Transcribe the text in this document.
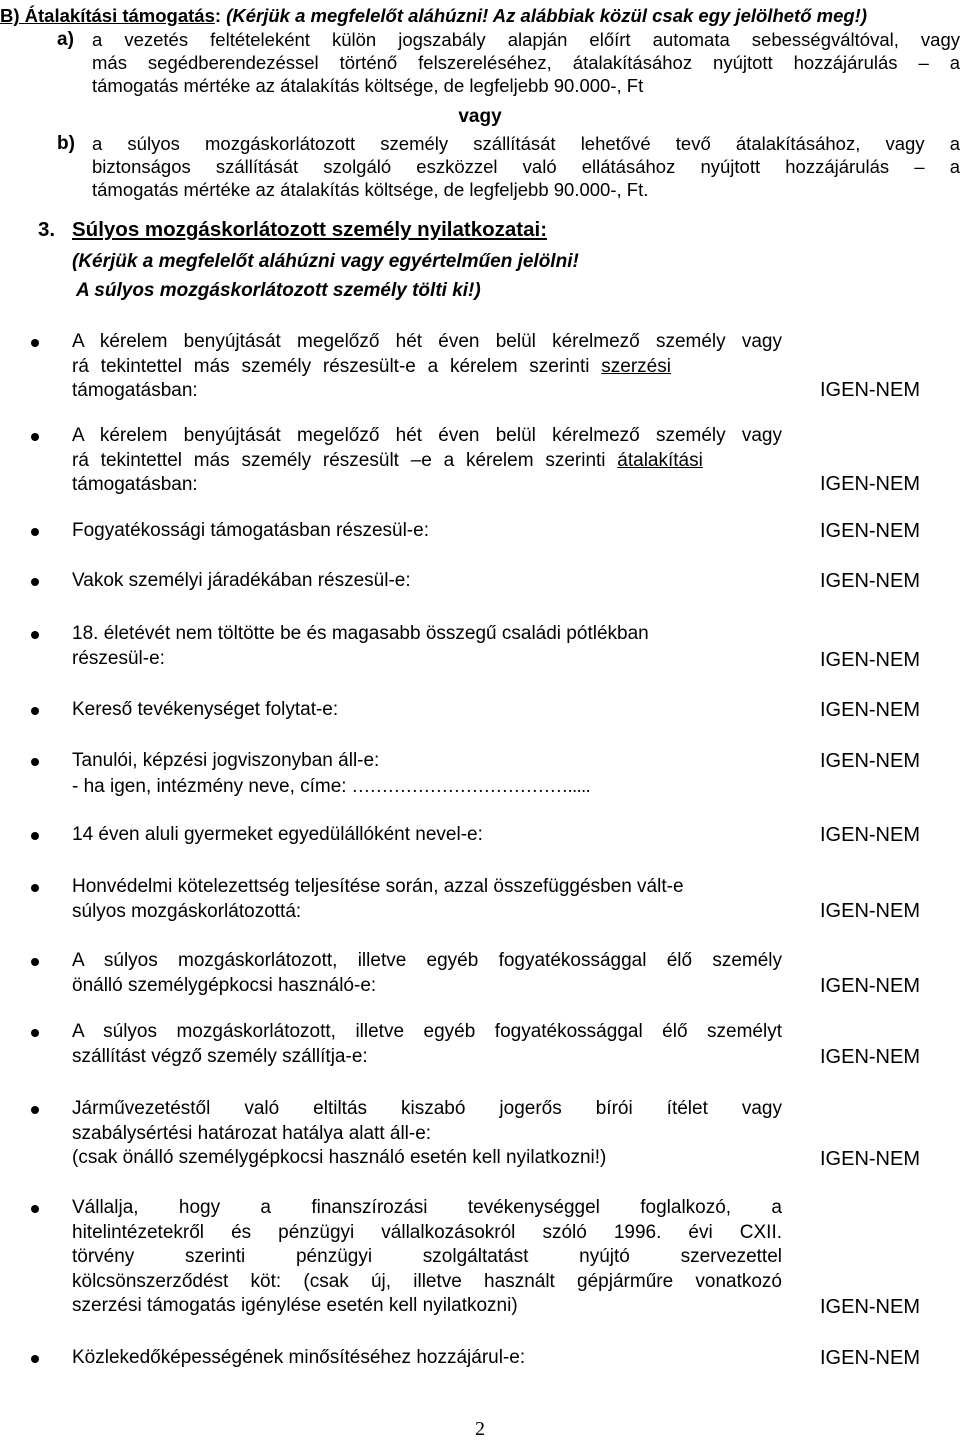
B) Átalakítási támogatás: (Kérjük a megfelelőt aláhúzni! Az alábbiak közül csak egy jelölhető meg!)
a) a vezetés feltételeként külön jogszabály alapján előírt automata sebességváltóval, vagy
más segédberendezéssel történő felszereléséhez, átalakításához nyújtott hozzájárulás – a
támogatás mértéke az átalakítás költsége, de legfeljebb 90.000-, Ft
vagy
b) a súlyos mozgáskorlátozott személy szállítását lehetővé tevő átalakításához, vagy a
biztonságos szállítását szolgáló eszközzel való ellátásához nyújtott hozzájárulás – a
támogatás mértéke az átalakítás költsége, de legfeljebb 90.000-, Ft.
3. Súlyos mozgáskorlátozott személy nyilatkozatai:
(Kérjük a megfelelőt aláhúzni vagy egyértelműen jelölni!
A súlyos mozgáskorlátozott személy tölti ki!)
A kérelem benyújtását megelőző hét éven belül kérelmező személy vagy
rá tekintettel más személy részesült-e a kérelem szerinti szerzési
támogatásban:	IGEN-NEM
A kérelem benyújtását megelőző hét éven belül kérelmező személy vagy
rá tekintettel más személy részesült –e a kérelem szerinti átalakítási
támogatásban:	IGEN-NEM
Fogyatékossági támogatásban részesül-e:	IGEN-NEM
Vakok személyi járadékában részesül-e:	IGEN-NEM
18. életévét nem töltötte be és magasabb összegű családi pótlékban
részesül-e:	IGEN-NEM
Kereső tevékenységet folytat-e:	IGEN-NEM
Tanulói, képzési jogviszonyban áll-e:
- ha igen, intézmény neve, címe: ……………………………….....
IGEN-NEM
14 éven aluli gyermeket egyedülállóként nevel-e:	IGEN-NEM
Honvédelmi kötelezettség teljesítése során, azzal összefüggésben vált-e
súlyos mozgáskorlátozottá:	IGEN-NEM
A súlyos mozgáskorlátozott, illetve egyéb fogyatékossággal élő személy
önálló személygépkocsi használó-e:	IGEN-NEM
A súlyos mozgáskorlátozott, illetve egyéb fogyatékossággal élő személyt
szállítást végző személy szállítja-e:	IGEN-NEM
Járművezetéstől való eltiltás kiszabó jogerős bírói ítélet vagy
szabálysértési határozat hatálya alatt áll-e:
(csak önálló személygépkocsi használó esetén kell nyilatkozni!)	IGEN-NEM
Vállalja, hogy a finanszírozási tevékenységgel foglalkozó, a
hitelintézetekről és pénzügyi vállalkozásokról szóló 1996. évi CXII.
törvény szerinti pénzügyi szolgáltatást nyújtó szervezettel
kölcsönszerződést köt: (csak új, illetve használt gépjárműre vonatkozó
szerzési támogatás igénylése esetén kell nyilatkozni)	IGEN-NEM
Közlekedőképességének minősítéséhez hozzájárul-e:	IGEN-NEM
2
